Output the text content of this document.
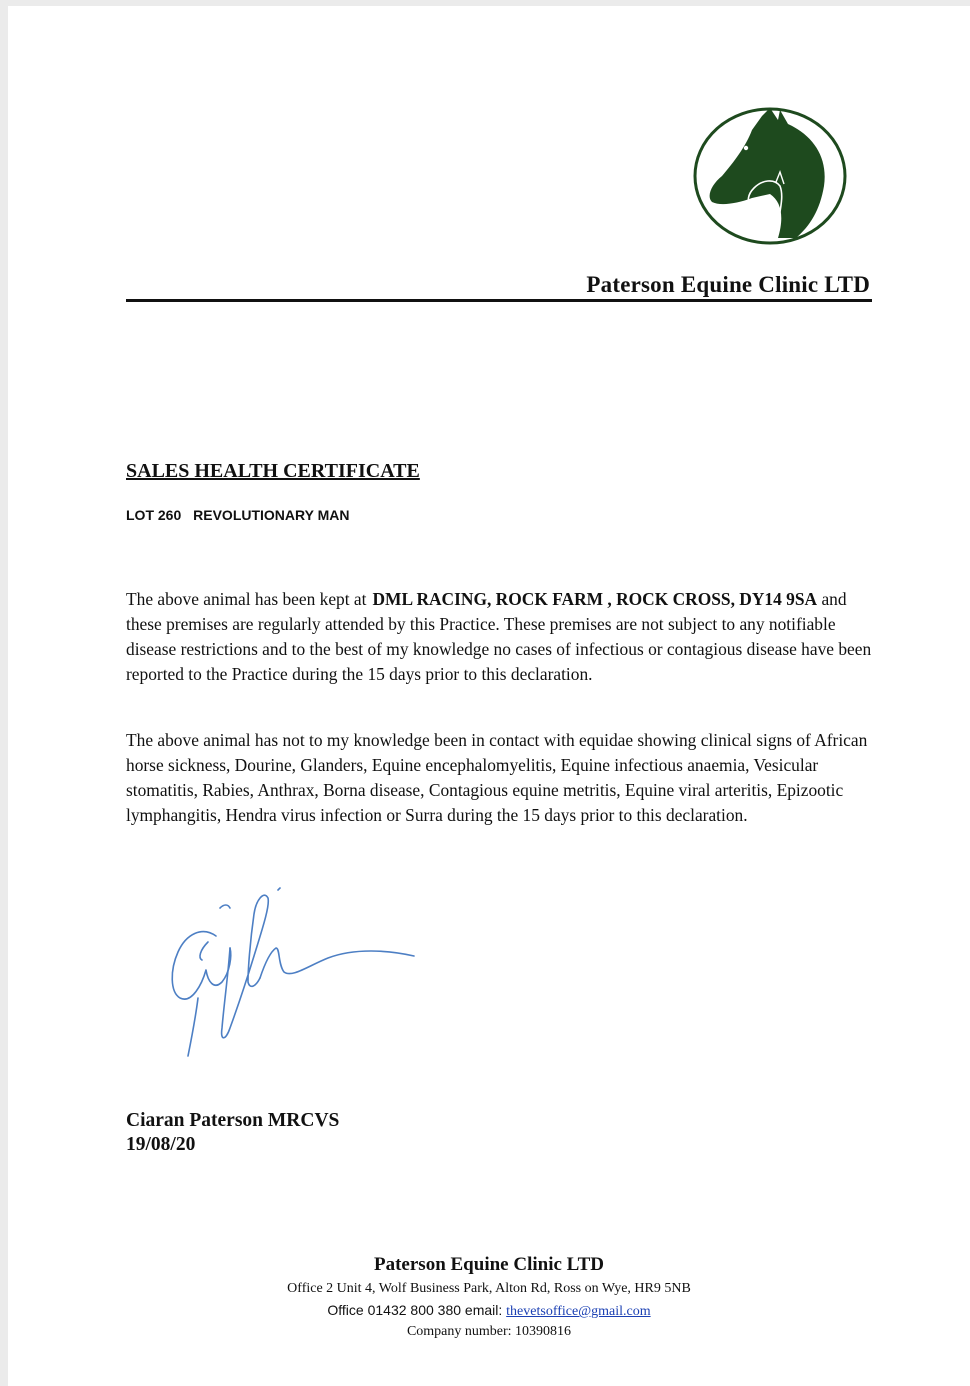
Paterson Equine Clinic LTD
SALES HEALTH CERTIFICATE
LOT 260 REVOLUTIONARY MAN
The above animal has been kept at DML RACING, ROCK FARM , ROCK CROSS, DY14 9SA and these premises are regularly attended by this Practice. These premises are not subject to any notifiable disease restrictions and to the best of my knowledge no cases of infectious or contagious disease have been reported to the Practice during the 15 days prior to this declaration.
The above animal has not to my knowledge been in contact with equidae showing clinical signs of African horse sickness, Dourine, Glanders, Equine encephalomyelitis, Equine infectious anaemia, Vesicular stomatitis, Rabies, Anthrax, Borna disease, Contagious equine metritis, Equine viral arteritis, Epizootic lymphangitis, Hendra virus infection or Surra during the 15 days prior to this declaration.
Ciaran Paterson MRCVS
19/08/20
Paterson Equine Clinic LTD
Office 2 Unit 4, Wolf Business Park, Alton Rd, Ross on Wye, HR9 5NB
Office 01432 800 380 email: thevetsoffice@gmail.com
Company number: 10390816
